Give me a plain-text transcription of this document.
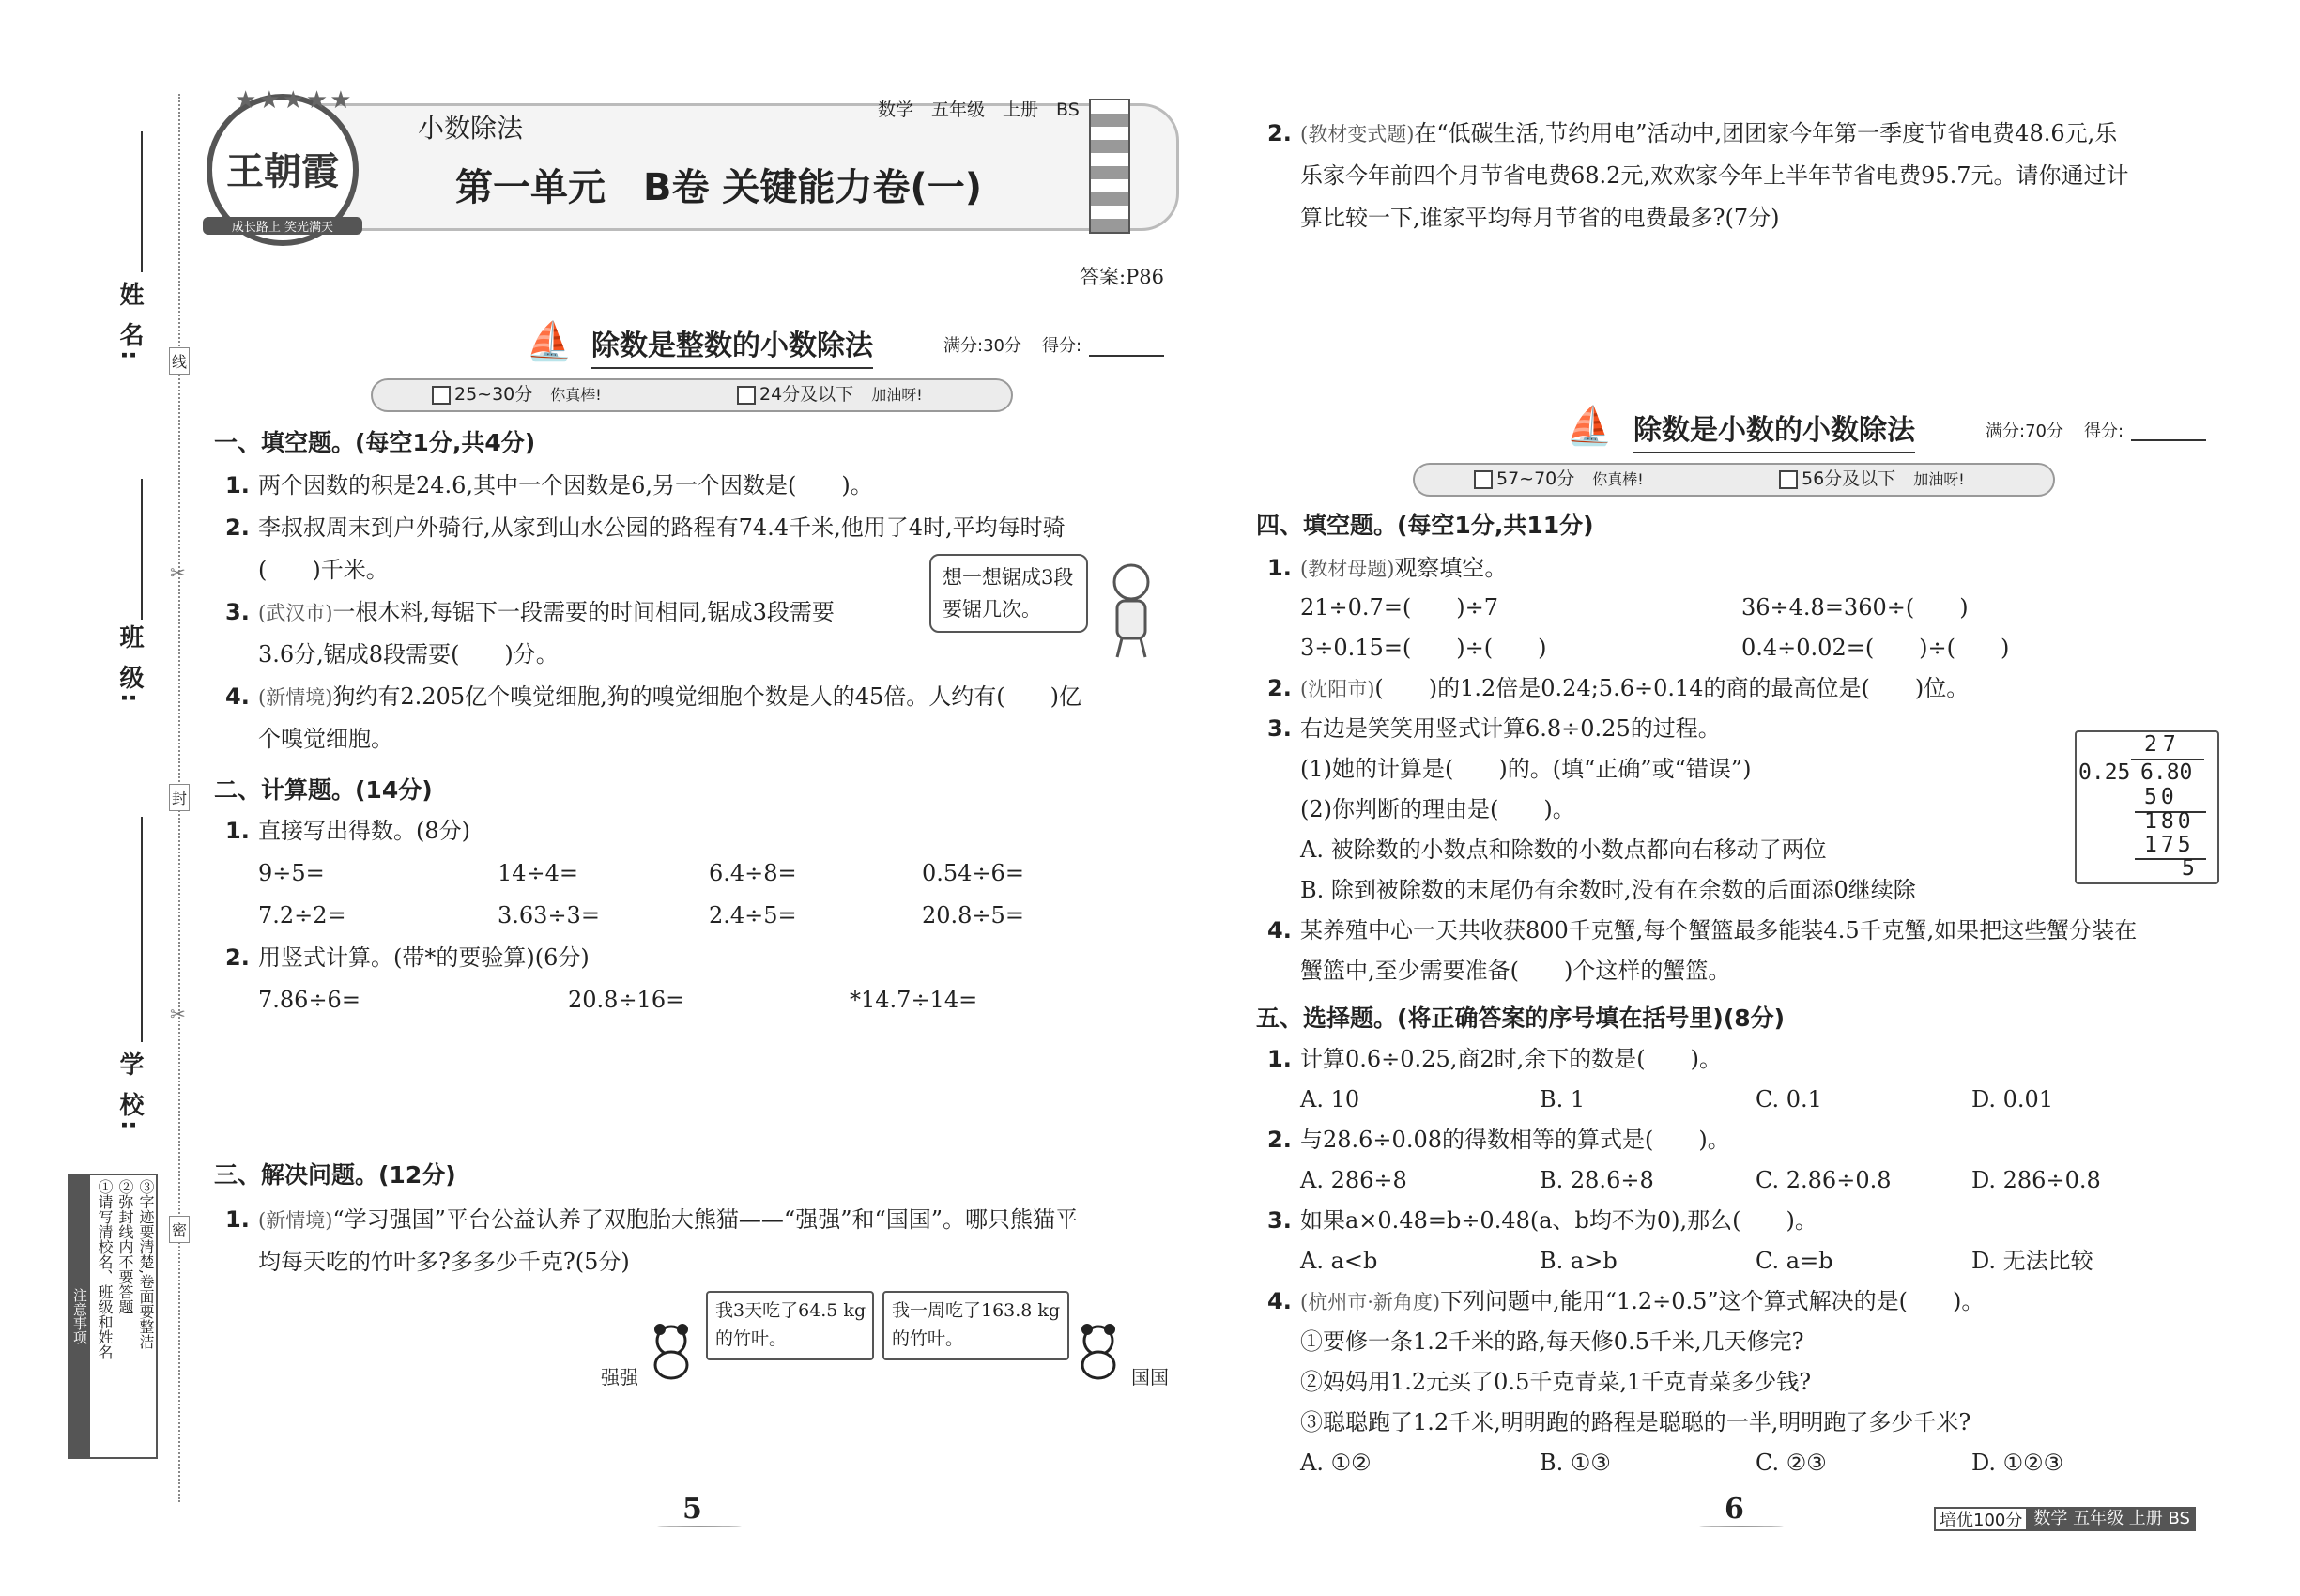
姓 名:
班 级:
学 校:
线
封
密
✂
✂
注意事项 ①请写清校名、班级和姓名 ②弥封线内不要答题 ③字迹要清楚,卷面要整洁
王朝霞
成长路上 笑光满天
★★★★★
小数除法
数学　五年级　上册　BS
第一单元　B卷 关键能力卷(一)
答案:P86
⛵ 除数是整数的小数除法	满分:30分 得分:
25~30分　 你真棒!	24分及以下　 加油呀!
一、填空题。(每空1分,共4分)
1. 两个因数的积是24.6,其中一个因数是6,另一个因数是(　　)。
2. 李叔叔周末到户外骑行,从家到山水公园的路程有74.4千米,他用了4时,平均每时骑
(　　)千米。
3. (武汉市)一根木料,每锯下一段需要的时间相同,锯成3段需要
3.6分,锯成8段需要(　　)分。
想一想锯成3段要锯几次。
4. (新情境)狗约有2.205亿个嗅觉细胞,狗的嗅觉细胞个数是人的45倍。人约有(　　)亿
个嗅觉细胞。
二、计算题。(14分)
1. 直接写出得数。(8分)
9÷5=	14÷4=	6.4÷8=	0.54÷6=
7.2÷2=	3.63÷3=	2.4÷5=	20.8÷5=
2. 用竖式计算。(带*的要验算)(6分)
7.86÷6=	20.8÷16=	*14.7÷14=
三、解决问题。(12分)
1. (新情境)“学习强国”平台公益认养了双胞胎大熊猫——“强强”和“国国”。哪只熊猫平
均每天吃的竹叶多?多多少千克?(5分)
我3天吃了64.5 kg的竹叶。
我一周吃了163.8 kg的竹叶。
强强	国国
2. (教材变式题)在“低碳生活,节约用电”活动中,团团家今年第一季度节省电费48.6元,乐
乐家今年前四个月节省电费68.2元,欢欢家今年上半年节省电费95.7元。请你通过计
算比较一下,谁家平均每月节省的电费最多?(7分)
⛵ 除数是小数的小数除法	满分:70分 得分:
57~70分　 你真棒!	56分及以下　 加油呀!
四、填空题。(每空1分,共11分)
1. (教材母题)观察填空。
21÷0.7=(　　)÷7	36÷4.8=360÷(　　)
3÷0.15=(　　)÷(　　)	0.4÷0.02=(　　)÷(　　)
2. (沈阳市)(　　)的1.2倍是0.24;5.6÷0.14的商的最高位是(　　)位。
3. 右边是笑笑用竖式计算6.8÷0.25的过程。
(1)她的计算是(　　)的。(填“正确”或“错误”)
(2)你判断的理由是(　　)。
A. 被除数的小数点和除数的小数点都向右移动了两位
B. 除到被除数的末尾仍有余数时,没有在余数的后面添0继续除
27
0.25 6.80
50
180
175
5
4. 某养殖中心一天共收获800千克蟹,每个蟹篮最多能装4.5千克蟹,如果把这些蟹分装在
蟹篮中,至少需要准备(　　)个这样的蟹篮。
五、选择题。(将正确答案的序号填在括号里)(8分)
1. 计算0.6÷0.25,商2时,余下的数是(　　)。
A. 10	B. 1	C. 0.1	D. 0.01
2. 与28.6÷0.08的得数相等的算式是(　　)。
A. 286÷8	B. 28.6÷8	C. 2.86÷0.8	D. 286÷0.8
3. 如果a×0.48=b÷0.48(a、b均不为0),那么(　　)。
A. a<b	B. a>b	C. a=b	D. 无法比较
4. (杭州市·新角度)下列问题中,能用“1.2÷0.5”这个算式解决的是(　　)。
①要修一条1.2千米的路,每天修0.5千米,几天修完?
②妈妈用1.2元买了0.5千克青菜,1千克青菜多少钱?
③聪聪跑了1.2千米,明明跑的路程是聪聪的一半,明明跑了多少千米?
A. ①②	B. ①③	C. ②③	D. ①②③
5	6	培优100分 数学 五年级 上册 BS
